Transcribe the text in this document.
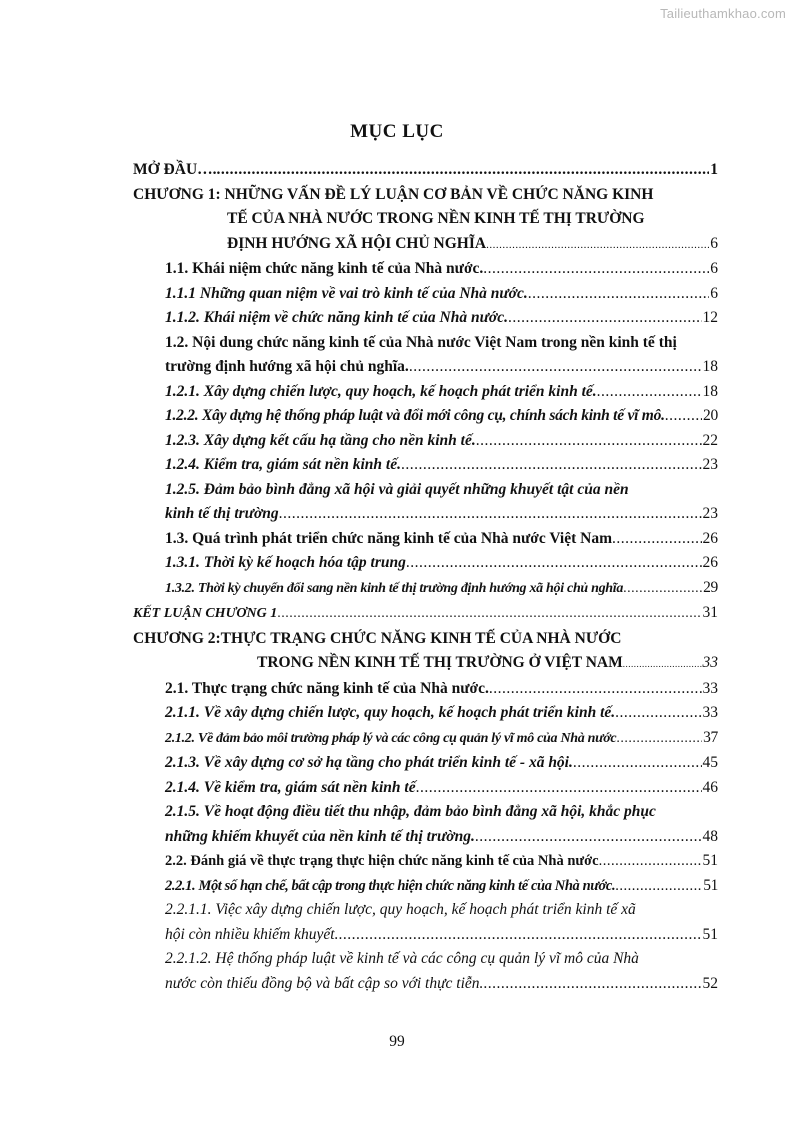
Tailieuthamkhao.com
MỤC LỤC
MỞ ĐẦU…. .....	1
CHƯƠNG 1: NHỮNG VẤN ĐỀ LÝ LUẬN CƠ BẢN VỀ CHỨC NĂNG KINH
TẾ CỦA NHÀ NƯỚC TRONG NỀN KINH TẾ THỊ TRƯỜNG
ĐỊNH HƯỚNG XÃ HỘI CHỦ NGHĨA .....	6
1.1. Khái niệm chức năng kinh tế của Nhà nước. .....	6
1.1.1 Những quan niệm về vai trò kinh tế của Nhà nước. .....	6
1.1.2. Khái niệm về chức năng kinh tế của Nhà nước. .....	12
1.2. Nội dung chức năng kinh tế của Nhà nước Việt Nam trong nền kinh tế thị
trường định hướng xã hội chủ nghĩa. .....	18
1.2.1. Xây dựng chiến lược, quy hoạch, kế hoạch phát triển kinh tế. .....	18
1.2.2. Xây dựng hệ thống pháp luật và đổi mới công cụ, chính sách kinh tế vĩ mô. ..... 20
1.2.3. Xây dựng kết cấu hạ tầng cho nền kinh tế. .....	22
1.2.4. Kiểm tra, giám sát nền kinh tế. .....	23
1.2.5. Đảm bảo bình đẳng xã hội và giải quyết những khuyết tật của nền
kinh tế thị trường .....	23
1.3. Quá trình phát triển chức năng kinh tế của Nhà nước Việt Nam .....	26
1.3.1. Thời kỳ kế hoạch hóa tập trung .....	26
1.3.2. Thời kỳ chuyển đổi sang nền kinh tế thị trường định hướng xã hội chủ nghĩa .....	29
KẾT LUẬN CHƯƠNG 1 .....	31
CHƯƠNG 2:THỰC TRẠNG CHỨC NĂNG KINH TẾ CỦA NHÀ NƯỚC
TRONG NỀN KINH TẾ THỊ TRƯỜNG Ở VIỆT NAM .....	33
2.1. Thực trạng chức năng kinh tế của Nhà nước. .....	33
2.1.1. Về xây dựng chiến lược, quy hoạch, kế hoạch phát triển kinh tế. .....	33
2.1.2. Về đảm bảo môi trường pháp lý và các công cụ quản lý vĩ mô của Nhà nước .....	37
2.1.3. Về xây dựng cơ sở hạ tầng cho phát triển kinh tế - xã hội. .....	45
2.1.4. Về kiểm tra, giám sát nền kinh tế .....	46
2.1.5. Về hoạt động điều tiết thu nhập, đảm bảo bình đẳng xã hội, khắc phục
những khiếm khuyết của nền kinh tế thị trường. .....	48
2.2. Đánh giá về thực trạng thực hiện chức năng kinh tế của Nhà nước .....	51
2.2.1. Một số hạn chế, bất cập trong thực hiện chức năng kinh tế của Nhà nước. .....	51
2.2.1.1. Việc xây dựng chiến lược, quy hoạch, kế hoạch phát triển kinh tế xã
hội còn nhiều khiếm khuyết. .....	51
2.2.1.2. Hệ thống pháp luật về kinh tế và các công cụ quản lý vĩ mô của Nhà
nước còn thiếu đồng bộ và bất cập so với thực tiễn. .....	52
99
